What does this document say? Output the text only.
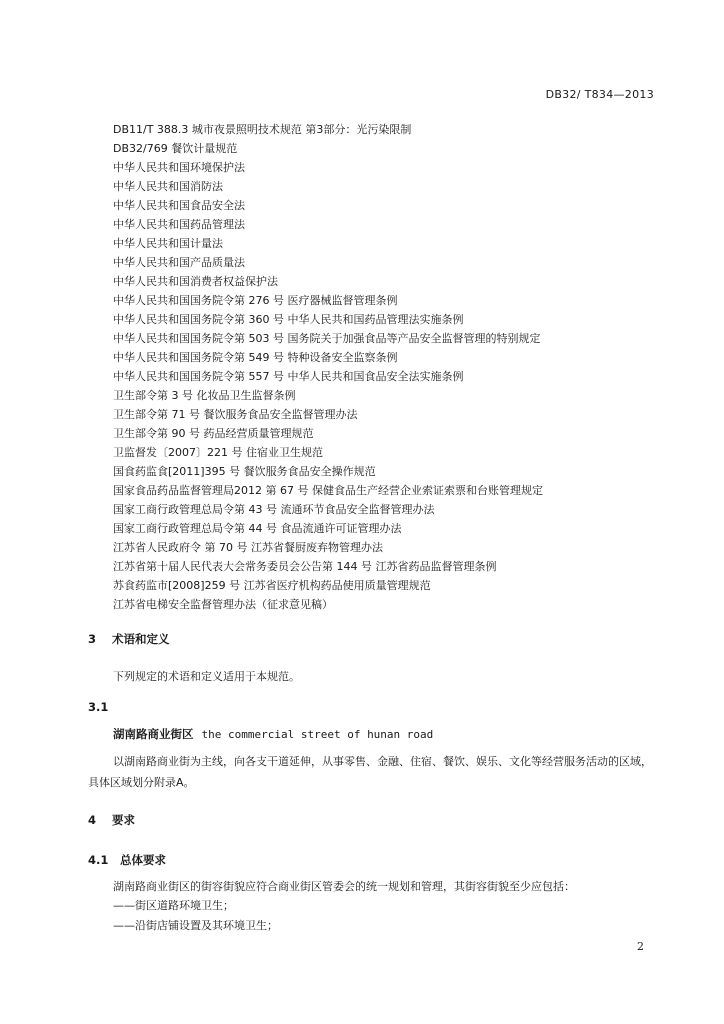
DB32/ T834—2013
DB11/T 388.3 城市夜景照明技术规范 第3部分：光污染限制
DB32/769 餐饮计量规范
中华人民共和国环境保护法
中华人民共和国消防法
中华人民共和国食品安全法
中华人民共和国药品管理法
中华人民共和国计量法
中华人民共和国产品质量法
中华人民共和国消费者权益保护法
中华人民共和国国务院令第 276 号 医疗器械监督管理条例
中华人民共和国国务院令第 360 号 中华人民共和国药品管理法实施条例
中华人民共和国国务院令第 503 号 国务院关于加强食品等产品安全监督管理的特别规定
中华人民共和国国务院令第 549 号 特种设备安全监察条例
中华人民共和国国务院令第 557 号 中华人民共和国食品安全法实施条例
卫生部令第 3 号 化妆品卫生监督条例
卫生部令第 71 号 餐饮服务食品安全监督管理办法
卫生部令第 90 号 药品经营质量管理规范
卫监督发〔2007〕221 号 住宿业卫生规范
国食药监食[2011]395 号 餐饮服务食品安全操作规范
国家食品药品监督管理局2012 第 67 号 保健食品生产经营企业索证索票和台账管理规定
国家工商行政管理总局令第 43 号 流通环节食品安全监督管理办法
国家工商行政管理总局令第 44 号 食品流通许可证管理办法
江苏省人民政府令 第 70 号 江苏省餐厨废弃物管理办法
江苏省第十届人民代表大会常务委员会公告第 144 号 江苏省药品监督管理条例
苏食药监市[2008]259 号 江苏省医疗机构药品使用质量管理规范
江苏省电梯安全监督管理办法（征求意见稿）
3 术语和定义

下列规定的术语和定义适用于本规范。

3.1
湖南路商业街区 the commercial street of hunan road

以湖南路商业街为主线，向各支干道延伸，从事零售、金融、住宿、餐饮、娱乐、文化等经营服务活动的区域，具体区域划分附录A。

4 要求
4.1 总体要求

湖南路商业街区的街容街貌应符合商业街区管委会的统一规划和管理，其街容街貌至少应包括：

——街区道路环境卫生；
——沿街店铺设置及其环境卫生；
2
